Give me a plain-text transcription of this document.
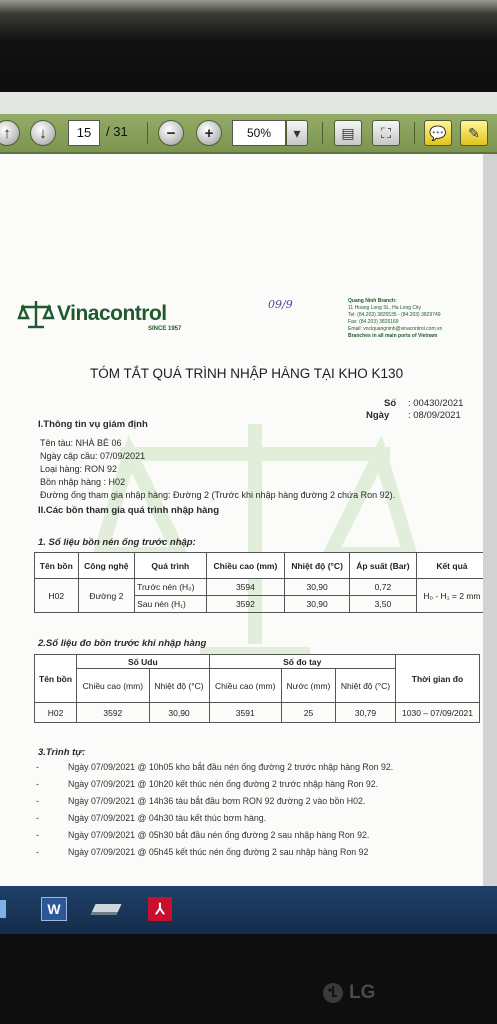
↑ ↓	15	/ 31	− +	50%	▾	▤ ⛶	💬 ✎
Vinacontrol
SINCE 1957
09/9	Quang Ninh Branch:
11 Hoang Long St., Ha Long City
Tel: (84.203) 3825535 - (84.203) 3829749
Fax: (84.203) 3826169
Email: vnciquangninh@vinacontrol.com.vn
Branches in all main ports of Vietnam
TÓM TẮT QUÁ TRÌNH NHẬP HÀNG TẠI KHO K130
Số : 00430/2021
Ngày : 08/09/2021
I.Thông tin vụ giám định
Tên tàu: NHÀ BÈ 06
Ngày cập cầu: 07/09/2021
Loại hàng: RON 92
Bồn nhập hàng : H02
Đường ống tham gia nhập hàng: Đường 2 (Trước khi nhập hàng đường 2 chứa Ron 92).
II.Các bồn tham gia quá trình nhập hàng
1. Số liệu bồn nén ống trước nhập:
Tên bồn	Công nghệ	Quá trình	Chiều cao (mm)	Nhiệt độ (°C)	Áp suất (Bar)	Kết quả
H02	Đường 2	Trước nén (H₀)	3594	30,90	0,72	H₀ - H₁ = 2 mm
		Sau nén (H₁)	3592	30,90	3,50	
2.Số liệu đo bồn trước khi nhập hàng
Tên bồn	Số Udu		Số đo tay			Thời gian đo
	Chiều cao (mm)	Nhiệt độ (°C)	Chiều cao (mm)	Nước (mm)	Nhiệt độ (°C)	
H02	3592	30,90	3591	25	30,79	1030 – 07/09/2021
3.Trình tự:
-	Ngày 07/09/2021 @ 10h05 kho bắt đầu nén ống đường 2 trước nhập hàng Ron 92.
-	Ngày 07/09/2021 @ 10h20 kết thúc nén ống đường 2 trước nhập hàng Ron 92.
-	Ngày 07/09/2021 @ 14h36 tàu bắt đầu bơm RON 92 đường 2 vào bồn H02.
-	Ngày 07/09/2021 @ 04h30 tàu kết thúc bơm hàng.
-	Ngày 07/09/2021 @ 05h30 bắt đầu nén ống đường 2 sau nhập hàng Ron 92.
-	Ngày 07/09/2021 @ 05h45 kết thúc nén ống đường 2 sau nhập hàng Ron 92
W	⅄
LG
